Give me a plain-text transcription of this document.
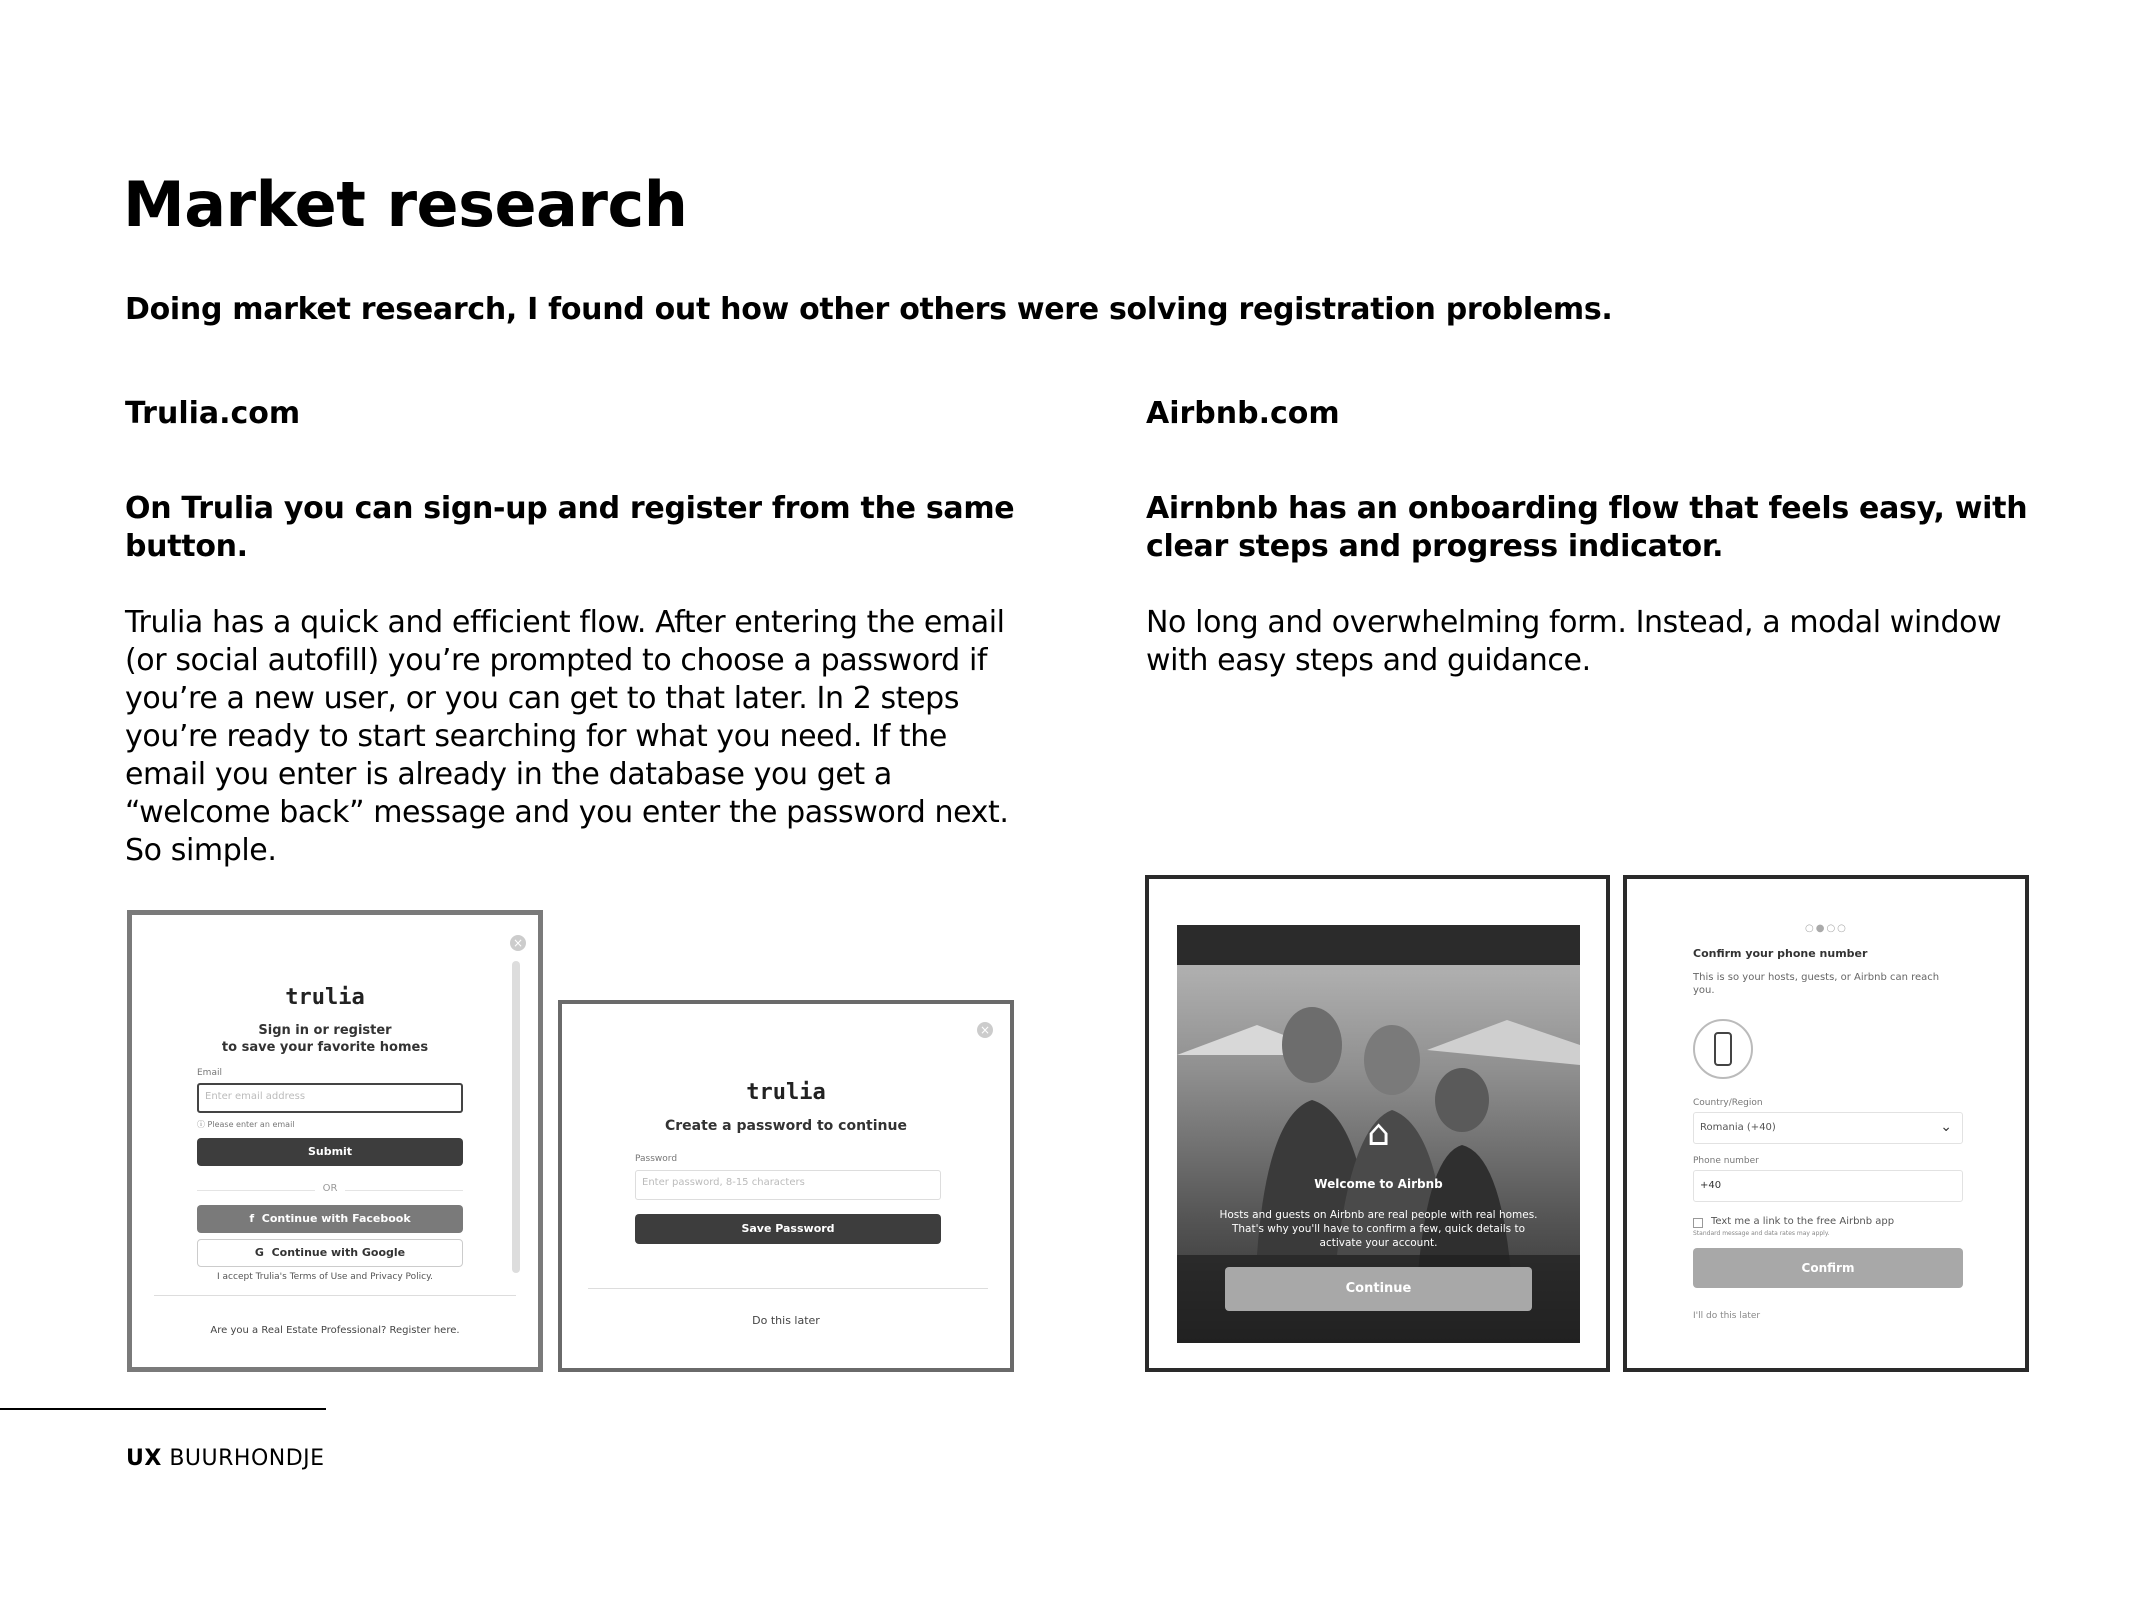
Market research
Doing market research, I found out how other others were solving registration problems.
Trulia.com	Airbnb.com
On Trulia you can sign-up and register from the same button.
Airnbnb has an onboarding flow that feels easy, with clear steps and progress indicator.
Trulia has a quick and efficient flow. After entering the email (or social autofill) you’re prompted to choose a password if you’re a new user, or you can get to that later. In 2 steps you’re ready to start searching for what you need. If the email you enter is already in the database you get a “welcome back” message and you enter the password next. So simple.
No long and overwhelming form. Instead, a modal window with easy steps and guidance.
×
trulia
Sign in or register
to save your favorite homes
Email
Enter email address
ⓘ Please enter an email
Submit
OR
f Continue with Facebook
G Continue with Google
I accept Trulia's Terms of Use and Privacy Policy.
Are you a Real Estate Professional? Register here.
×
trulia
Create a password to continue
Password
Enter password, 8-15 characters
Save Password
Do this later
⌂
Welcome to Airbnb
Hosts and guests on Airbnb are real people with real homes. That's why you'll have to confirm a few, quick details to activate your account.
Continue
○●○○
Confirm your phone number
This is so your hosts, guests, or Airbnb can reach you.
Country/Region
Romania (+40)	⌄
Phone number
+40
Text me a link to the free Airbnb app
Standard message and data rates may apply.
Confirm
I'll do this later
UX BUURHONDJE
